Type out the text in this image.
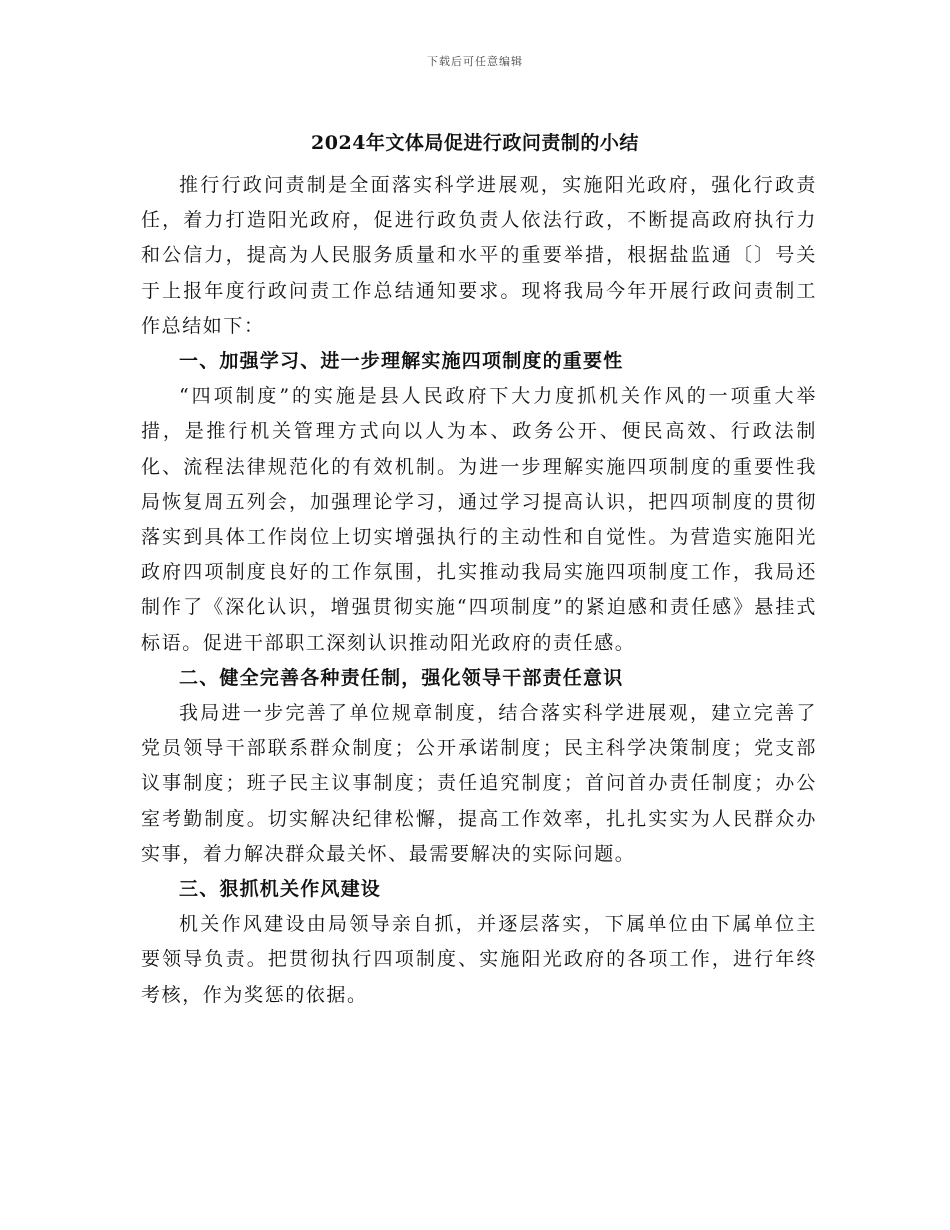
下载后可任意编辑
2024年文体局促进行政问责制的小结

推行行政问责制是全面落实科学进展观，实施阳光政府，强化行政责任，着力打造阳光政府，促进行政负责人依法行政，不断提高政府执行力和公信力，提高为人民服务质量和水平的重要举措，根据盐监通〔〕号关于上报年度行政问责工作总结通知要求。现将我局今年开展行政问责制工作总结如下：

一、加强学习、进一步理解实施四项制度的重要性

“四项制度”的实施是县人民政府下大力度抓机关作风的一项重大举措，是推行机关管理方式向以人为本、政务公开、便民高效、行政法制化、流程法律规范化的有效机制。为进一步理解实施四项制度的重要性我局恢复周五列会，加强理论学习，通过学习提高认识，把四项制度的贯彻落实到具体工作岗位上切实增强执行的主动性和自觉性。为营造实施阳光政府四项制度良好的工作氛围，扎实推动我局实施四项制度工作，我局还制作了《深化认识，增强贯彻实施“四项制度”的紧迫感和责任感》悬挂式标语。促进干部职工深刻认识推动阳光政府的责任感。

二、健全完善各种责任制，强化领导干部责任意识

我局进一步完善了单位规章制度，结合落实科学进展观，建立完善了党员领导干部联系群众制度；公开承诺制度；民主科学决策制度；党支部议事制度；班子民主议事制度；责任追究制度；首问首办责任制度；办公室考勤制度。切实解决纪律松懈，提高工作效率，扎扎实实为人民群众办实事，着力解决群众最关怀、最需要解决的实际问题。

三、狠抓机关作风建设

机关作风建设由局领导亲自抓，并逐层落实，下属单位由下属单位主要领导负责。把贯彻执行四项制度、实施阳光政府的各项工作，进行年终考核，作为奖惩的依据。
